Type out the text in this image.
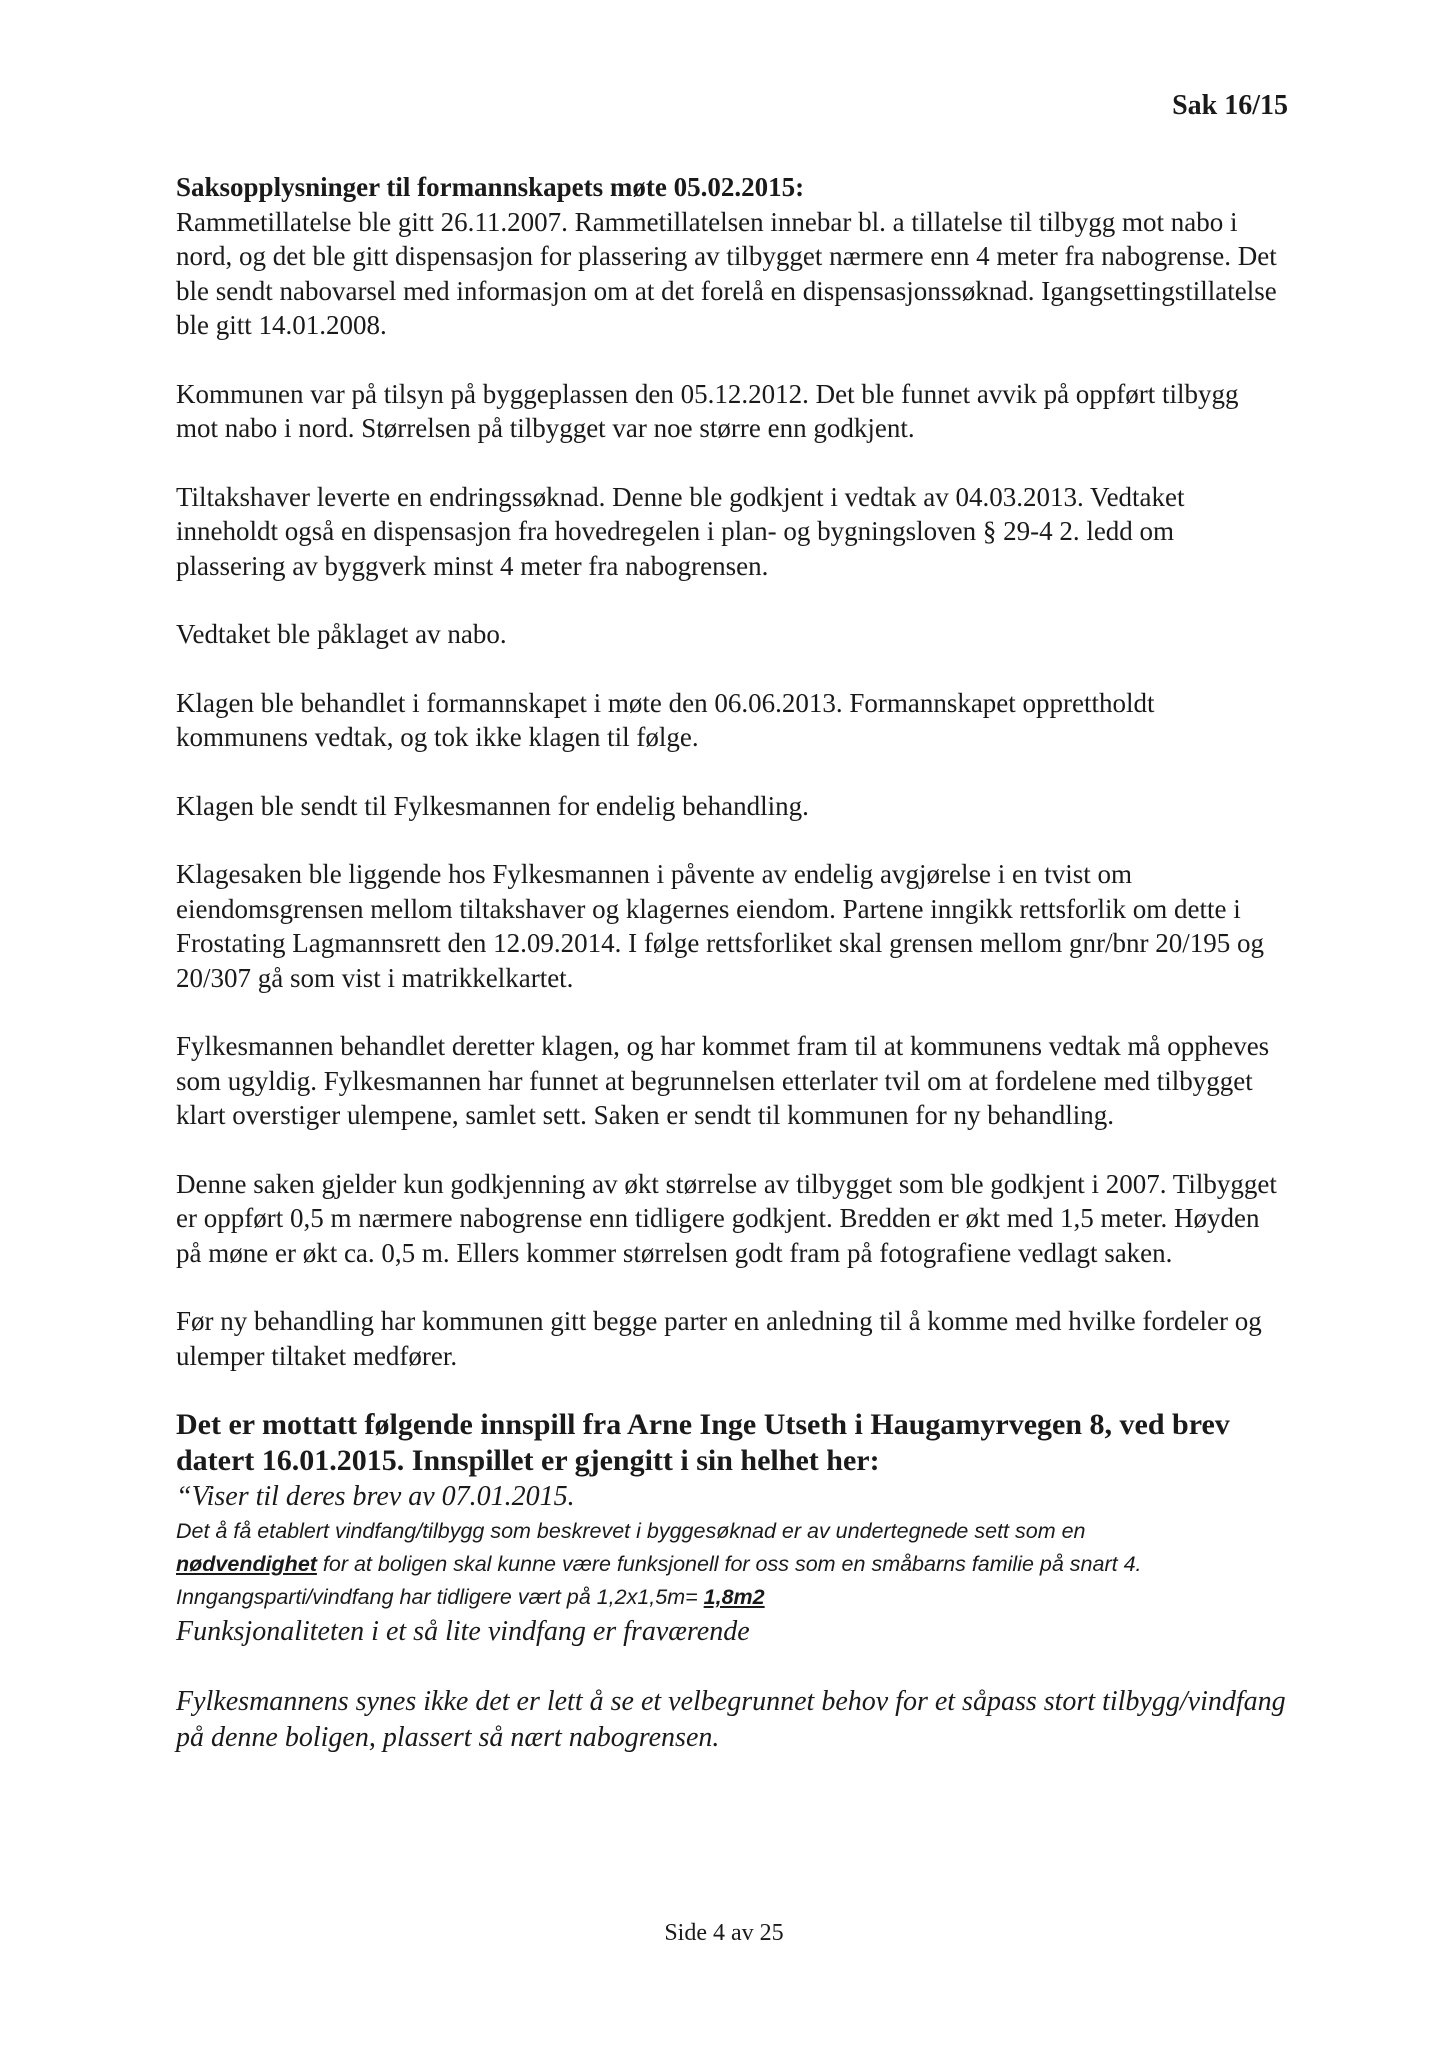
Sak 16/15
Saksopplysninger til formannskapets møte 05.02.2015:

Rammetillatelse ble gitt 26.11.2007. Rammetillatelsen innebar bl. a tillatelse til tilbygg mot nabo i nord, og det ble gitt dispensasjon for plassering av tilbygget nærmere enn 4 meter fra nabogrense. Det ble sendt nabovarsel med informasjon om at det forelå en dispensasjonssøknad. Igangsettingstillatelse ble gitt 14.01.2008.

Kommunen var på tilsyn på byggeplassen den 05.12.2012. Det ble funnet avvik på oppført tilbygg mot nabo i nord. Størrelsen på tilbygget var noe større enn godkjent.

Tiltakshaver leverte en endringssøknad. Denne ble godkjent i vedtak av 04.03.2013. Vedtaket inneholdt også en dispensasjon fra hovedregelen i plan- og bygningsloven § 29-4 2. ledd om plassering av byggverk minst 4 meter fra nabogrensen.

Vedtaket ble påklaget av nabo.

Klagen ble behandlet i formannskapet i møte den 06.06.2013. Formannskapet opprettholdt kommunens vedtak, og tok ikke klagen til følge.

Klagen ble sendt til Fylkesmannen for endelig behandling.

Klagesaken ble liggende hos Fylkesmannen i påvente av endelig avgjørelse i en tvist om eiendomsgrensen mellom tiltakshaver og klagernes eiendom. Partene inngikk rettsforlik om dette i Frostating Lagmannsrett den 12.09.2014. I følge rettsforliket skal grensen mellom gnr/bnr 20/195 og 20/307 gå som vist i matrikkelkartet.

Fylkesmannen behandlet deretter klagen, og har kommet fram til at kommunens vedtak må oppheves som ugyldig. Fylkesmannen har funnet at begrunnelsen etterlater tvil om at fordelene med tilbygget klart overstiger ulempene, samlet sett. Saken er sendt til kommunen for ny behandling.

Denne saken gjelder kun godkjenning av økt størrelse av tilbygget som ble godkjent i 2007. Tilbygget er oppført 0,5 m nærmere nabogrense enn tidligere godkjent. Bredden er økt med 1,5 meter. Høyden på møne er økt ca. 0,5 m. Ellers kommer størrelsen godt fram på fotografiene vedlagt saken.

Før ny behandling har kommunen gitt begge parter en anledning til å komme med hvilke fordeler og ulemper tiltaket medfører.

Det er mottatt følgende innspill fra Arne Inge Utseth i Haugamyrvegen 8, ved brev datert 16.01.2015. Innspillet er gjengitt i sin helhet her:
“Viser til deres brev av 07.01.2015.
Det å få etablert vindfang/tilbygg som beskrevet i byggesøknad er av undertegnede sett som en
nødvendighet for at boligen skal kunne være funksjonell for oss som en småbarns familie på snart 4.
Inngangsparti/vindfang har tidligere vært på 1,2x1,5m= 1,8m2
Funksjonaliteten i et så lite vindfang er fraværende
Fylkesmannens synes ikke det er lett å se et velbegrunnet behov for et såpass stort tilbygg/vindfang på denne boligen, plassert så nært nabogrensen.
Side 4 av 25
